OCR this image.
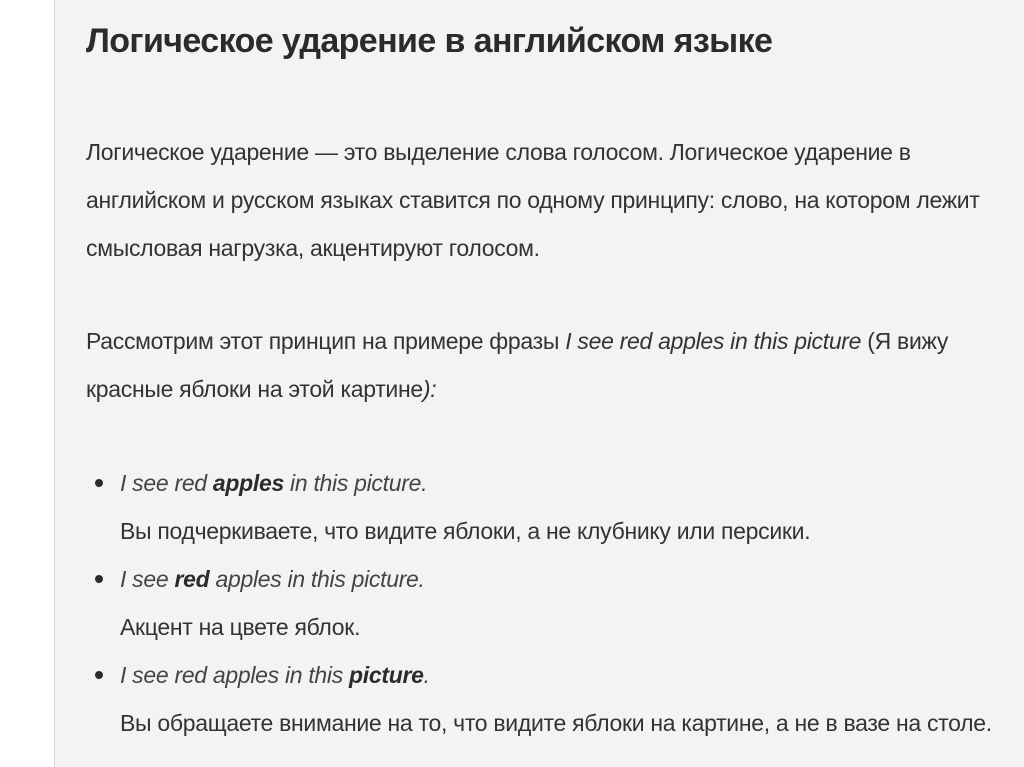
Логическое ударение в английском языке

Логическое ударение — это выделение слова голосом. Логическое ударение в
английском и русском языках ставится по одному принципу: слово, на котором лежит
смысловая нагрузка, акцентируют голосом.

Рассмотрим этот принцип на примере фразы I see red apples in this picture (Я вижу
красные яблоки на этой картине):

I see red apples in this picture.
Вы подчеркиваете, что видите яблоки, а не клубнику или персики.
I see red apples in this picture.
Акцент на цвете яблок.
I see red apples in this picture.
Вы обращаете внимание на то, что видите яблоки на картине, а не в вазе на столе.
